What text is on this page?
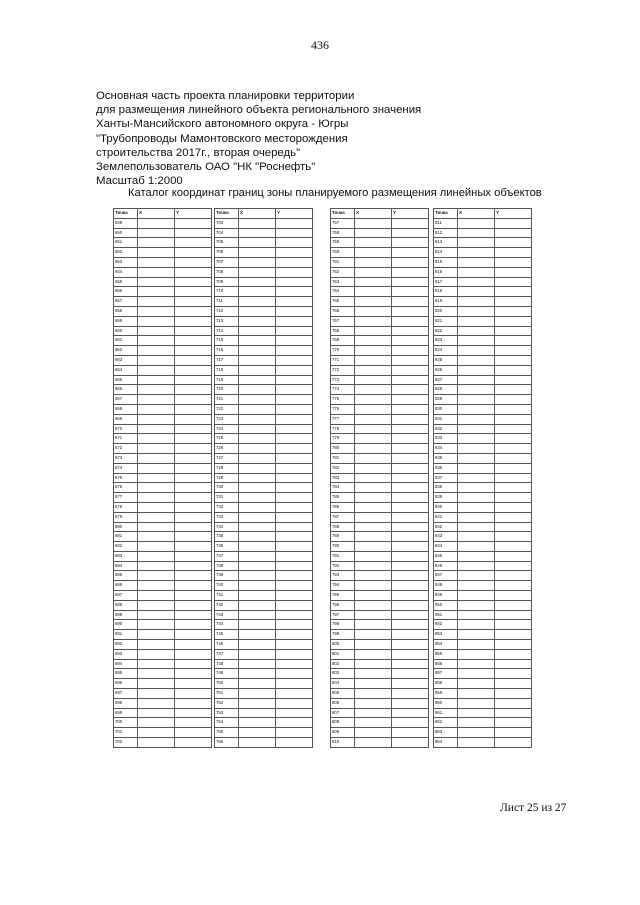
436
Основная часть проекта планировки территории
для размещения линейного объекта регионального значения
Ханты-Мансийского автономного округа - Югры
"Трубопроводы Мамонтовского месторождения
строительства 2017г., вторая очередь"
Землепользователь ОАО "НК "Роснефть"
Масштаб 1:2000
Каталог координат границ зоны планируемого размещения линейных объектов
Точка	X	Y
649		
650		
651		
652		
653		
654		
655		
656		
657		
658		
659		
660		
661		
662		
663		
664		
665		
666		
667		
668		
669		
670		
671		
672		
673		
674		
675		
676		
677		
678		
679		
680		
681		
682		
683		
684		
685		
686		
687		
688		
689		
690		
691		
692		
693		
694		
695		
696		
697		
698		
699		
700		
701		
702		
Точка	X	Y
703		
704		
705		
706		
707		
708		
709		
710		
711		
712		
713		
714		
715		
716		
717		
718		
719		
720		
721		
722		
723		
724		
725		
726		
727		
728		
729		
730		
731		
732		
733		
734		
735		
736		
737		
738		
739		
740		
741		
742		
743		
744		
745		
746		
747		
748		
749		
750		
751		
752		
753		
754		
755		
756		
Точка	X	Y
757		
758		
759		
760		
761		
762		
763		
764		
765		
766		
767		
768		
769		
770		
771		
772		
773		
774		
775		
776		
777		
778		
779		
780		
781		
782		
783		
784		
785		
786		
787		
788		
789		
790		
791		
792		
793		
794		
795		
796		
797		
798		
799		
800		
801		
802		
803		
804		
805		
806		
807		
808		
809		
810		
Точка	X	Y
811		
812		
813		
814		
815		
816		
817		
818		
819		
820		
821		
822		
823		
824		
825		
826		
827		
828		
829		
830		
831		
832		
833		
834		
835		
836		
837		
838		
839		
840		
841		
842		
843		
844		
845		
846		
847		
848		
849		
850		
851		
852		
853		
854		
855		
856		
857		
858		
859		
860		
861		
862		
863		
864		
Лист 25 из 27
